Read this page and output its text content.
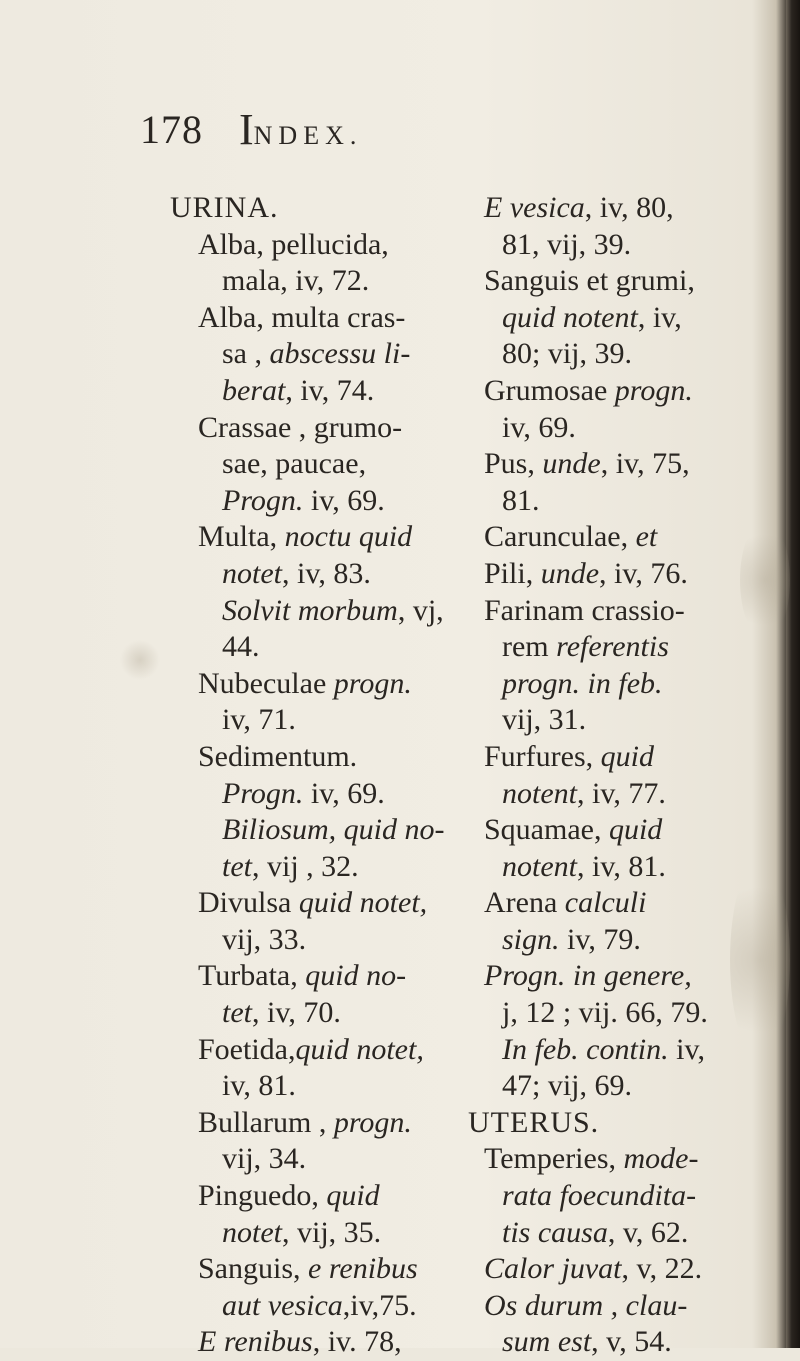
178 INDEX.
URINA.
Alba, pellucida,
mala, iv, 72.
Alba, multa cras-
sa , abscessu li-
berat, iv, 74.
Crassae , grumo-
sae, paucae,
Progn. iv, 69.
Multa, noctu quid
notet, iv, 83.
Solvit morbum, vj,
44.
Nubeculae progn.
iv, 71.
Sedimentum.
Progn. iv, 69.
Biliosum, quid no-
tet, vij , 32.
Divulsa quid notet,
vij, 33.
Turbata, quid no-
tet, iv, 70.
Foetida,quid notet,
iv, 81.
Bullarum , progn.
vij, 34.
Pinguedo, quid
notet, vij, 35.
Sanguis, e renibus
aut vesica,iv,75.
E renibus, iv. 78,
E vesica, iv, 80,
81, vij, 39.
Sanguis et grumi,
quid notent, iv,
80; vij, 39.
Grumosae progn.
iv, 69.
Pus, unde, iv, 75,
81.
Carunculae, et
Pili, unde, iv, 76.
Farinam crassio-
rem referentis
progn. in feb.
vij, 31.
Furfures, quid
notent, iv, 77.
Squamae, quid
notent, iv, 81.
Arena calculi
sign. iv, 79.
Progn. in genere,
j, 12 ; vij. 66, 79.
In feb. contin. iv,
47; vij, 69.
UTERUS.
Temperies, mode-
rata foecundita-
tis causa, v, 62.
Calor juvat, v, 22.
Os durum , clau-
sum est, v, 54.
